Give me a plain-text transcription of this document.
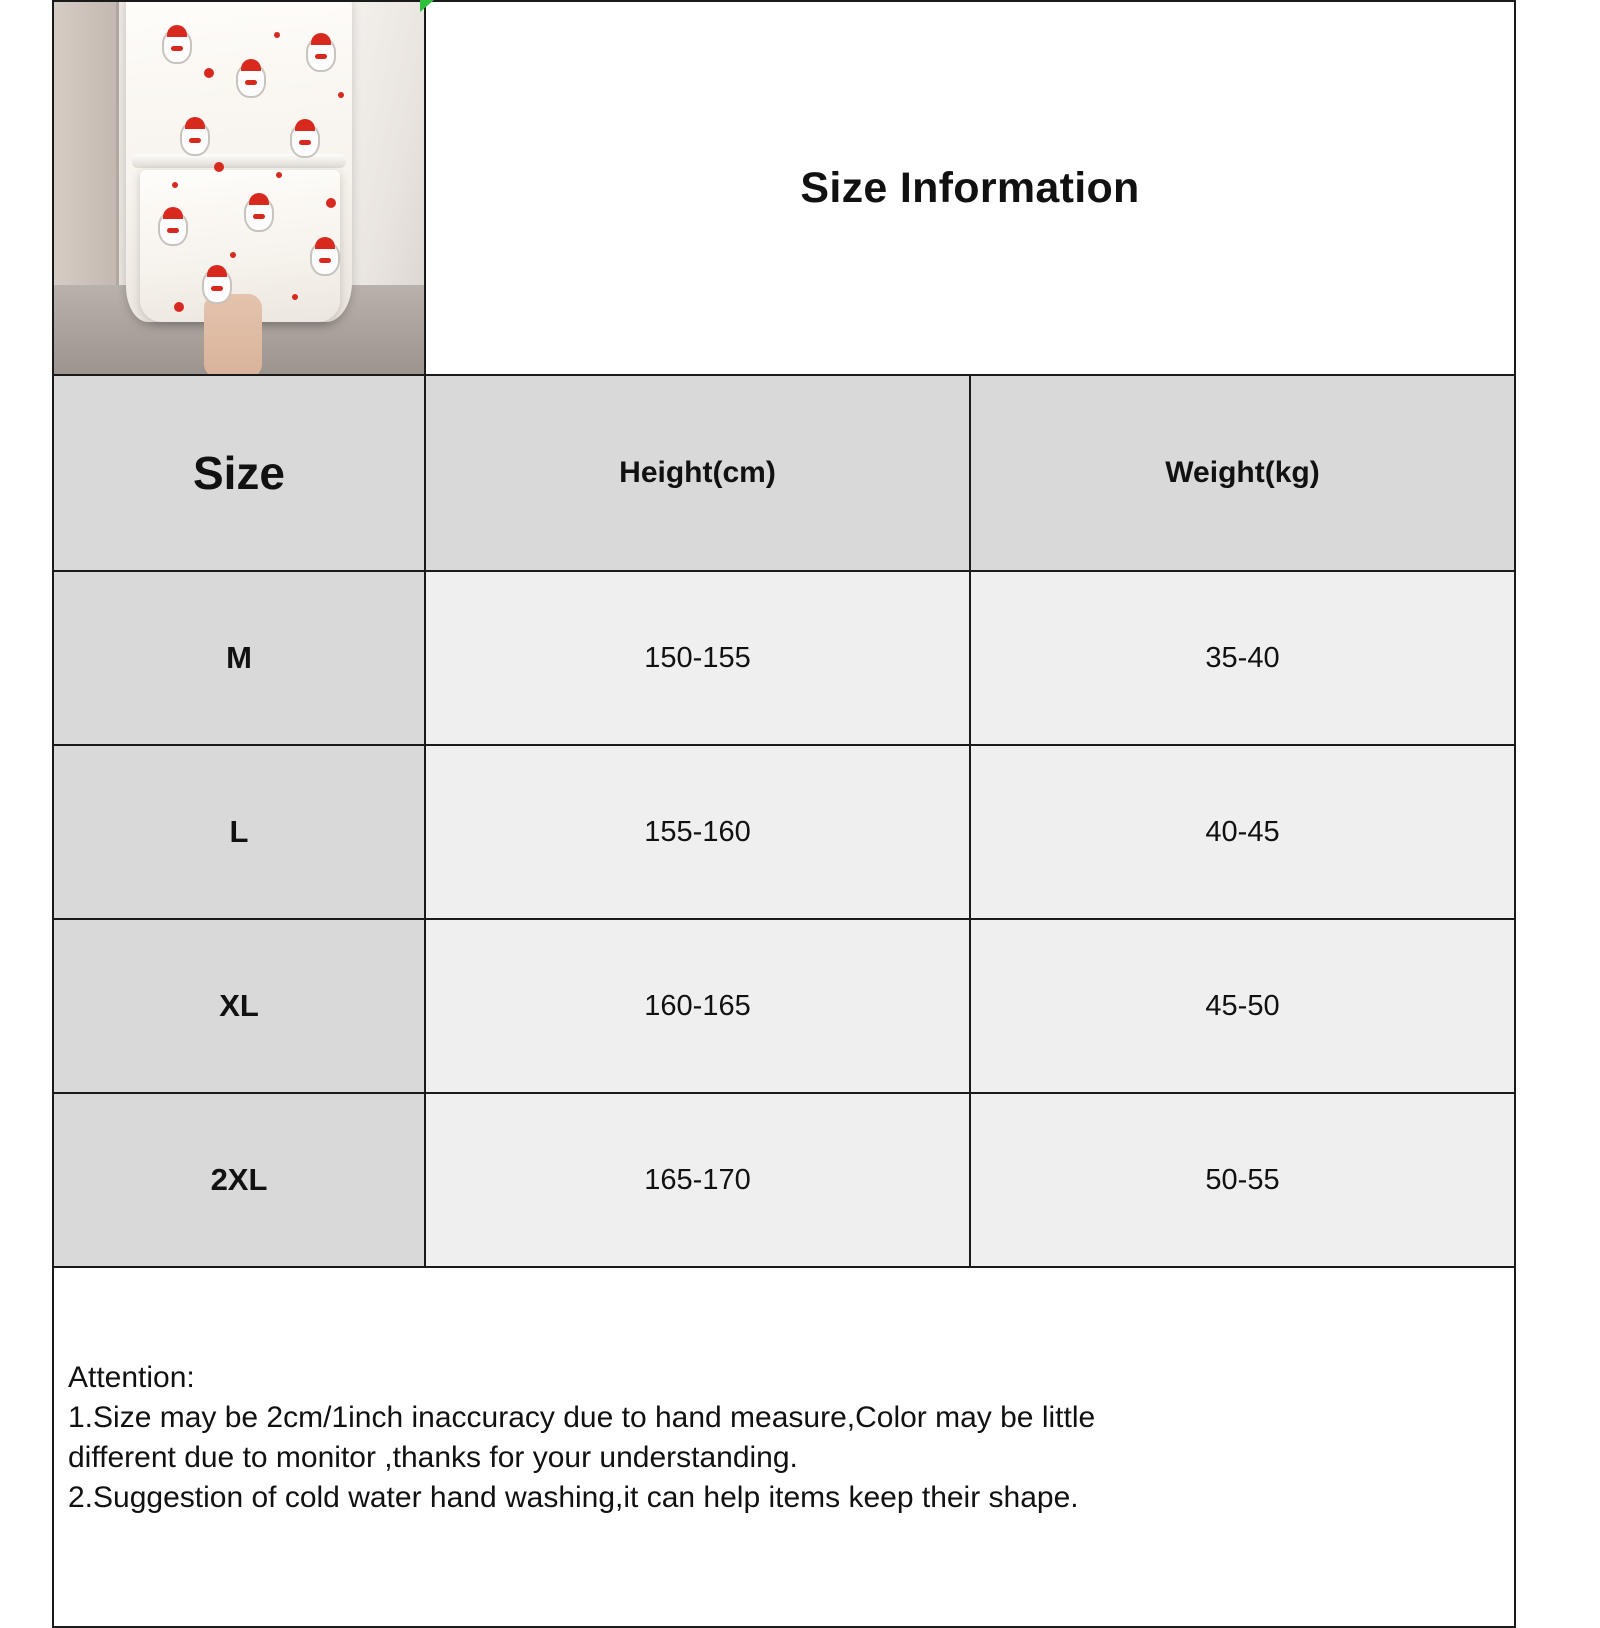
	Size Information	

Size	Height(cm)	Weight(kg)
M	150-155	35-40
L	155-160	40-45
XL	160-165	45-50
2XL	165-170	50-55

Attention:
1.Size may be 2cm/1inch inaccuracy due to hand measure,Color may be little
different due to monitor ,thanks for your understanding.
2.Suggestion of cold water hand washing,it can help items keep their shape.		
